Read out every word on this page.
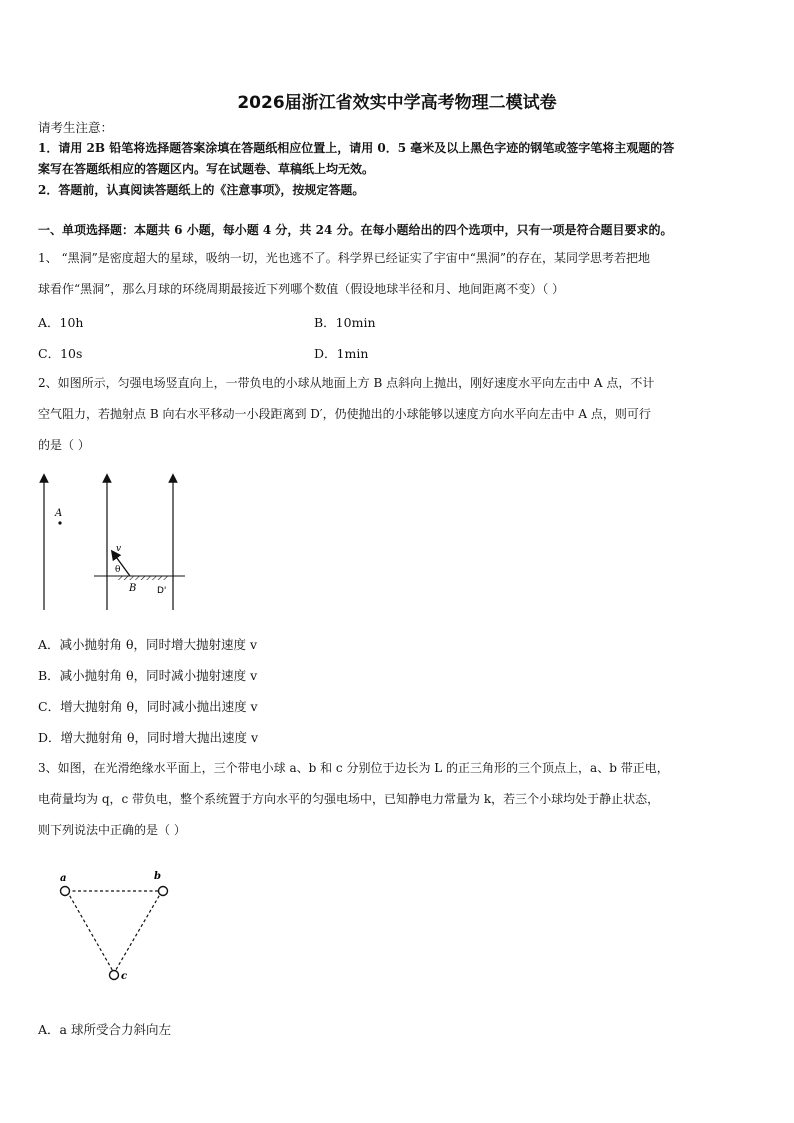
2026届浙江省效实中学高考物理二模试卷
请考生注意：
1．请用 2B 铅笔将选择题答案涂填在答题纸相应位置上，请用 0．5 毫米及以上黑色字迹的钢笔或签字笔将主观题的答
案写在答题纸相应的答题区内。写在试题卷、草稿纸上均无效。
2．答题前，认真阅读答题纸上的《注意事项》，按规定答题。
一、单项选择题：本题共 6 小题，每小题 4 分，共 24 分。在每小题给出的四个选项中，只有一项是符合题目要求的。
1、 “黑洞”是密度超大的星球，吸纳一切，光也逃不了。科学界已经证实了宇宙中“黑洞”的存在，某同学思考若把地
球看作“黑洞”，那么月球的环绕周期最接近下列哪个数值（假设地球半径和月、地间距离不变）（ ）
A．10h	B．10min
C．10s	D．1min
2、如图所示，匀强电场竖直向上，一带负电的小球从地面上方 B 点斜向上抛出，刚好速度水平向左击中 A 点，不计
空气阻力，若抛射点 B 向右水平移动一小段距离到 D′，仍使抛出的小球能够以速度方向水平向左击中 A 点，则可行
的是（ ）
A
v
θ
B D'
A．减小抛射角 θ，同时增大抛射速度 v
B．减小抛射角 θ，同时减小抛射速度 v
C．增大抛射角 θ，同时减小抛出速度 v
D．增大抛射角 θ，同时增大抛出速度 v
3、如图，在光滑绝缘水平面上，三个带电小球 a、b 和 c 分别位于边长为 L 的正三角形的三个顶点上，a、b 带正电，
电荷量均为 q，c 带负电，整个系统置于方向水平的匀强电场中，已知静电力常量为 k，若三个小球均处于静止状态，
则下列说法中正确的是（ ）
a	b
c
A．a 球所受合力斜向左
